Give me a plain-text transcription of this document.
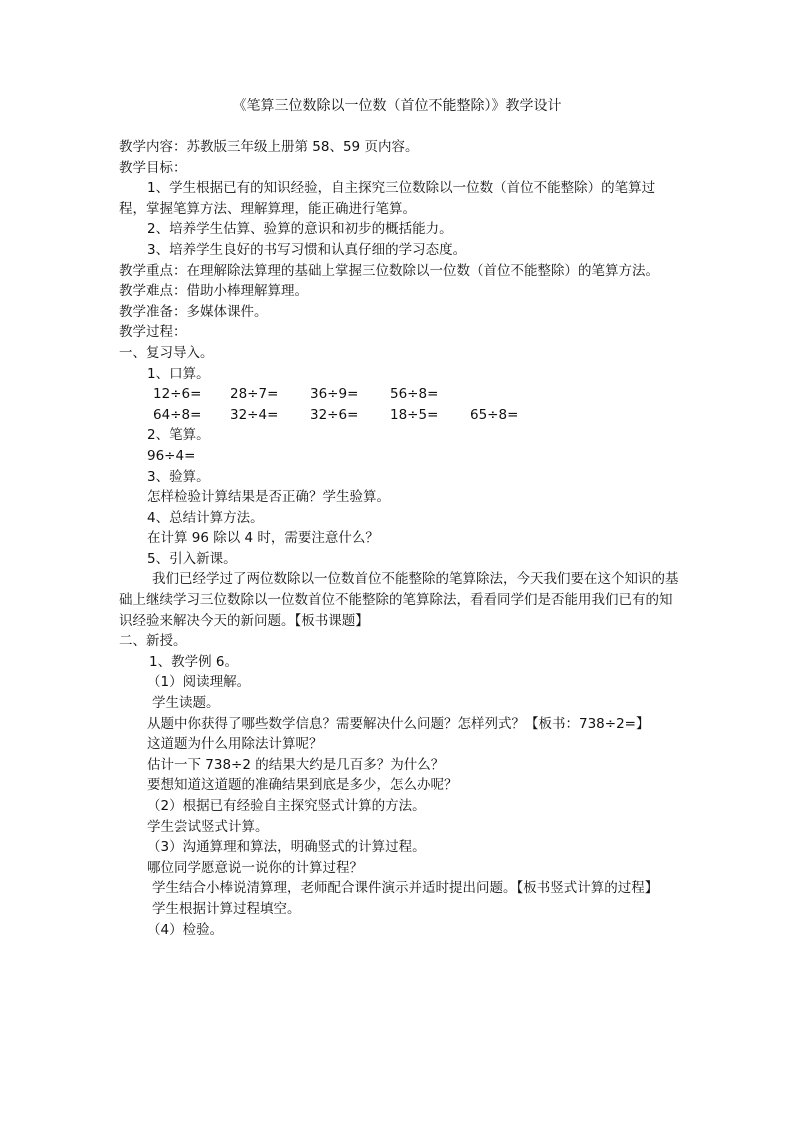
《笔算三位数除以一位数（首位不能整除）》教学设计
教学内容：苏教版三年级上册第 58、59 页内容。
教学目标：
1、学生根据已有的知识经验，自主探究三位数除以一位数（首位不能整除）的笔算过程，掌握笔算方法、理解算理，能正确进行笔算。
2、培养学生估算、验算的意识和初步的概括能力。
3、培养学生良好的书写习惯和认真仔细的学习态度。
教学重点：在理解除法算理的基础上掌握三位数除以一位数（首位不能整除）的笔算方法。
教学难点：借助小棒理解算理。
教学准备：多媒体课件。
教学过程：
一、复习导入。
1、口算。
12÷6= 28÷7= 36÷9= 56÷8=
64÷8= 32÷4= 32÷6= 18÷5= 65÷8=
2、笔算。
96÷4=
3、验算。
怎样检验计算结果是否正确？学生验算。
4、总结计算方法。
在计算 96 除以 4 时，需要注意什么？
5、引入新课。
我们已经学过了两位数除以一位数首位不能整除的笔算除法，今天我们要在这个知识的基础上继续学习三位数除以一位数首位不能整除的笔算除法，看看同学们是否能用我们已有的知识经验来解决今天的新问题。【板书课题】
二、新授。
1、教学例 6。
（1）阅读理解。
学生读题。
从题中你获得了哪些数学信息？需要解决什么问题？怎样列式？【板书：738÷2=】
这道题为什么用除法计算呢？
估计一下 738÷2 的结果大约是几百多？为什么？
要想知道这道题的准确结果到底是多少，怎么办呢？
（2）根据已有经验自主探究竖式计算的方法。
学生尝试竖式计算。
（3）沟通算理和算法，明确竖式的计算过程。
哪位同学愿意说一说你的计算过程？
学生结合小棒说清算理，老师配合课件演示并适时提出问题。【板书竖式计算的过程】
学生根据计算过程填空。
（4）检验。
